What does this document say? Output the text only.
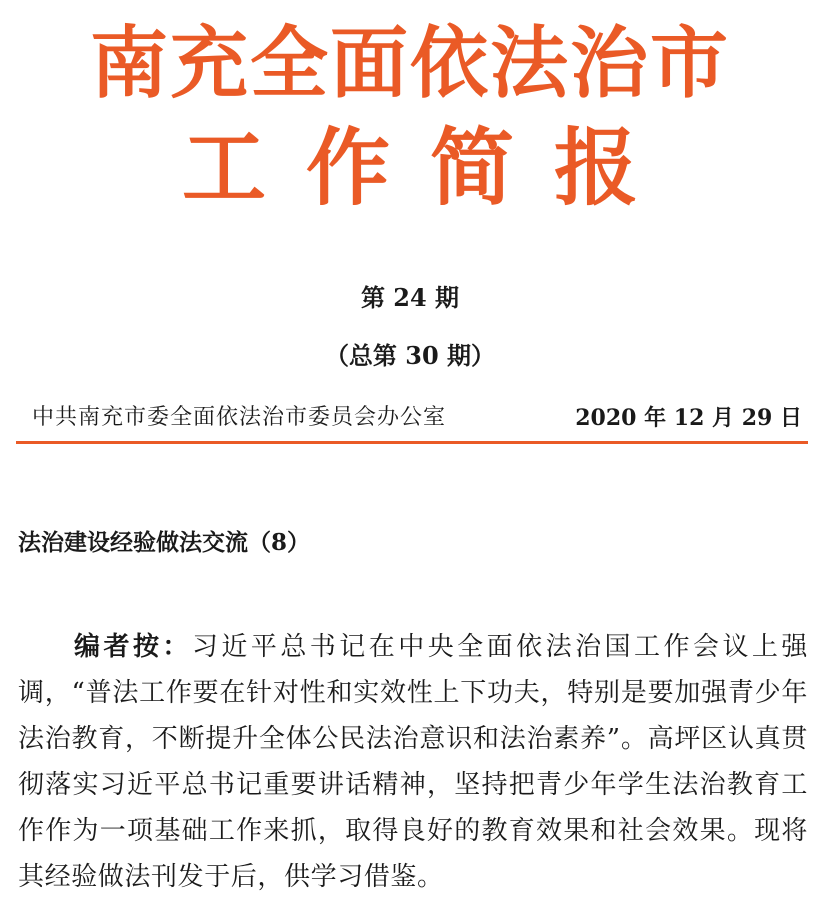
南充全面依法治市
工作简报
第 24 期
（总第 30 期）
中共南充市委全面依法治市委员会办公室	2020 年 12 月 29 日
法治建设经验做法交流（8）

编者按：习近平总书记在中央全面依法治国工作会议上强调，“普法工作要在针对性和实效性上下功夫，特别是要加强青少年法治教育，不断提升全体公民法治意识和法治素养”。高坪区认真贯彻落实习近平总书记重要讲话精神，坚持把青少年学生法治教育工作作为一项基础工作来抓，取得良好的教育效果和社会效果。现将其经验做法刊发于后，供学习借鉴。
